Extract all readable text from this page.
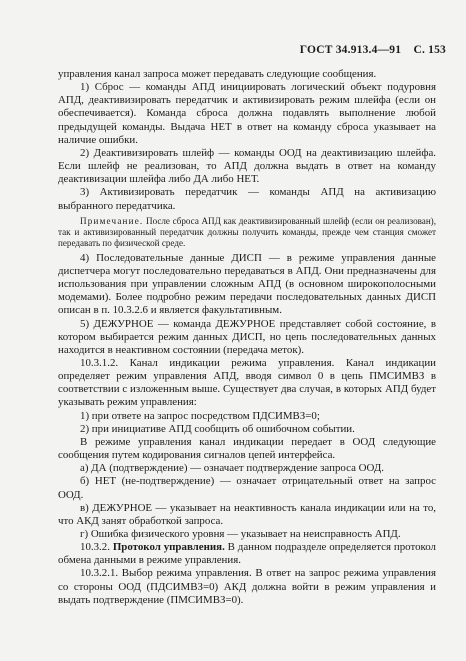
ГОСТ 34.913.4—91 С. 153

управления канал запроса может передавать следующие сообщения.

1) Сброс — команды АПД инициировать логический объект подуровня АПД, деактивизировать передатчик и активизировать режим шлейфа (если он обеспечивается). Команда сброса должна подавлять выполнение любой предыдущей команды. Выдача НЕТ в ответ на команду сброса указывает на наличие ошибки.

2) Деактивизировать шлейф — команды ООД на деактивизацию шлейфа. Если шлейф не реализован, то АПД должна выдать в ответ на команду деактивизации шлейфа либо ДА либо НЕТ.

3) Активизировать передатчик — команды АПД на активизацию выбранного передатчика.

Примечание. После сброса АПД как деактивизированный шлейф (если он реализован), так и активизированный передатчик должны получить команды, прежде чем станция сможет передавать по физической среде.

4) Последовательные данные ДИСП — в режиме управления данные диспетчера могут последовательно передаваться в АПД. Они предназначены для использования при управлении сложным АПД (в основном широкополосными модемами). Более подробно режим передачи последовательных данных ДИСП описан в п. 10.3.2.6 и является факультативным.

5) ДЕЖУРНОЕ — команда ДЕЖУРНОЕ представляет собой состояние, в котором выбирается режим данных ДИСП, но цепь последовательных данных находится в неактивном состоянии (передача меток).

10.3.1.2. Канал индикации режима управления. Канал индикации определяет режим управления АПД, вводя символ 0 в цепь ПМСИМВЗ в соответствии с изложенным выше. Существует два случая, в которых АПД будет указывать режим управления:

1) при ответе на запрос посредством ПДСИМВЗ=0;

2) при инициативе АПД сообщить об ошибочном событии.

В режиме управления канал индикации передает в ООД следующие сообщения путем кодирования сигналов цепей интерфейса.

а) ДА (подтверждение) — означает подтверждение запроса ООД.

б) НЕТ (не-подтверждение) — означает отрицательный ответ на запрос ООД.

в) ДЕЖУРНОЕ — указывает на неактивность канала индикации или на то, что АКД занят обработкой запроса.

г) Ошибка физического уровня — указывает на неисправность АПД.

10.3.2. Протокол управления. В данном подразделе определяется протокол обмена данными в режиме управления.

10.3.2.1. Выбор режима управления. В ответ на запрос режима управления со стороны ООД (ПДСИМВЗ=0) АКД должна войти в режим управления и выдать подтверждение (ПМСИМВЗ=0).
